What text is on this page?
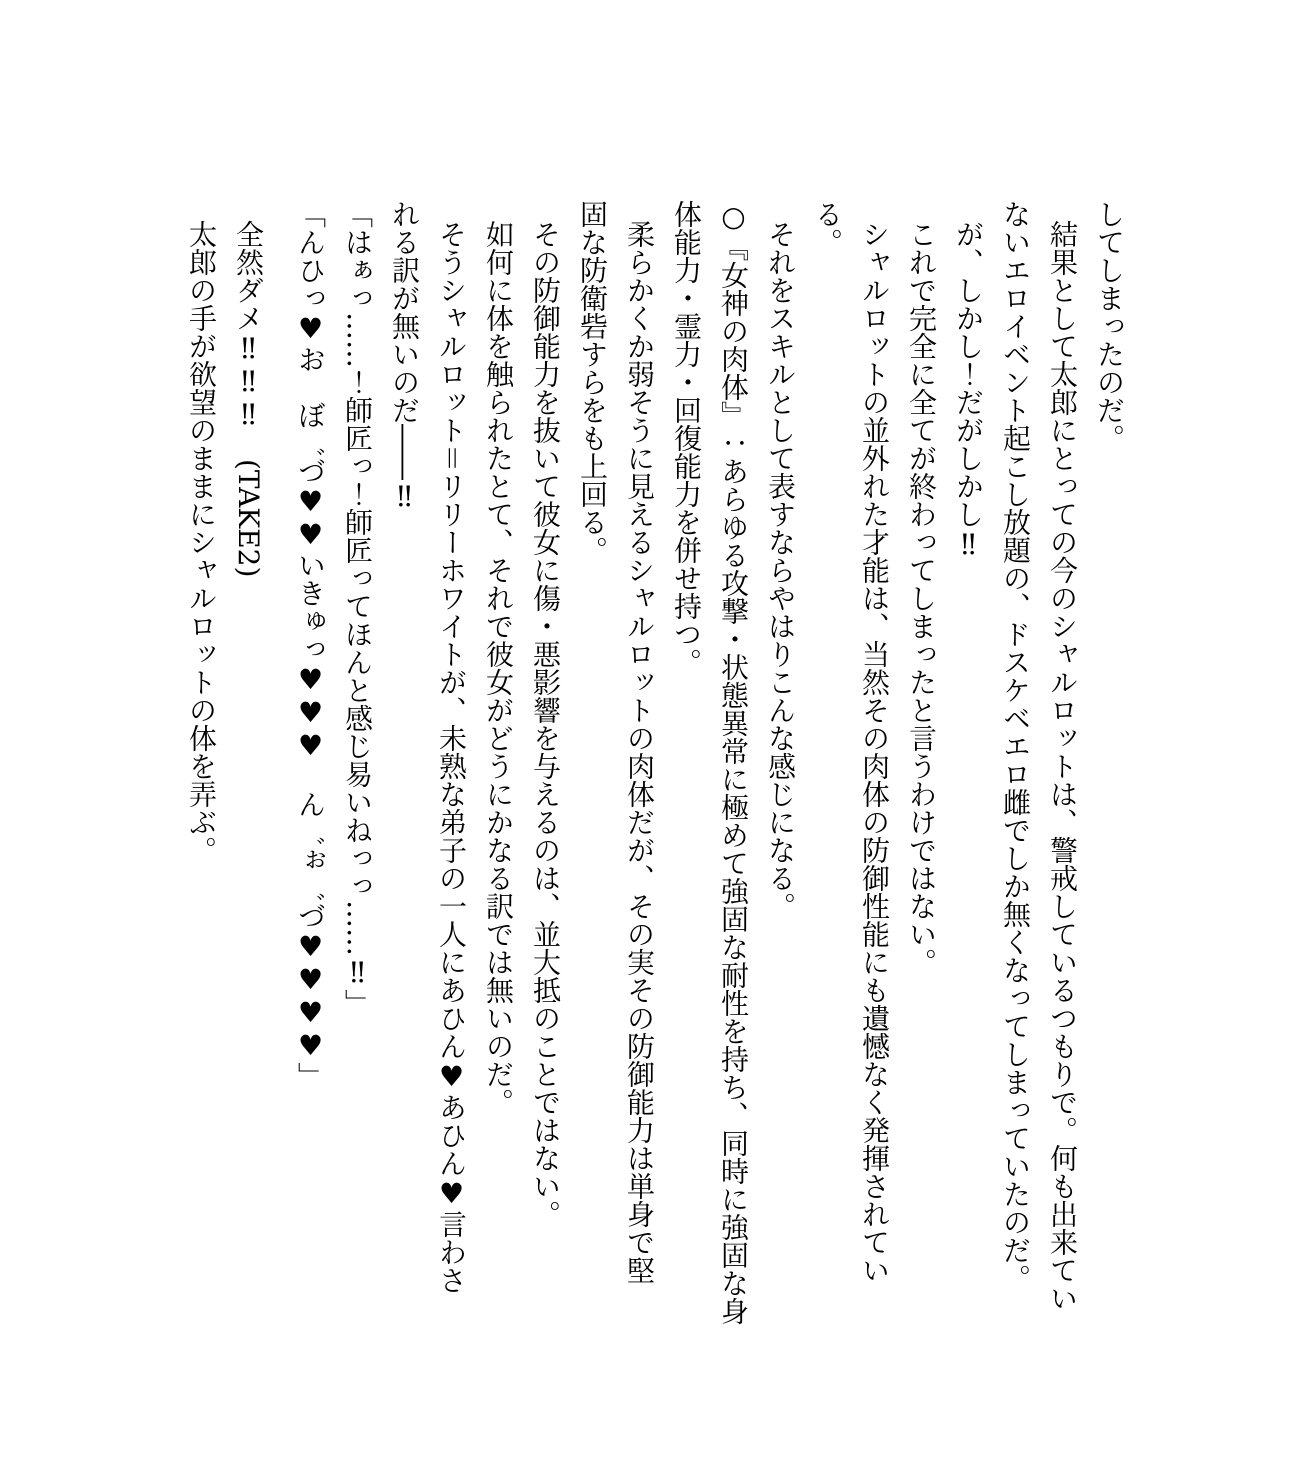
してしまったのだ。

結果として太郎にとっての今のシャルロットは、警戒しているつもりで。何も出来てい

ないエロイベント起こし放題の、ドスケベエロ雌でしか無くなってしまっていたのだ。

が、しかし！だがしかし‼

これで完全に全てが終わってしまったと言うわけではない。

シャルロットの並外れた才能は、当然その肉体の防御性能にも遺憾なく発揮されてい

る。

それをスキルとして表すならやはりこんな感じになる。

○『女神の肉体』：あらゆる攻撃・状態異常に極めて強固な耐性を持ち、同時に強固な身

体能力・霊力・回復能力を併せ持つ。

柔らかくか弱そうに見えるシャルロットの肉体だが、その実その防御能力は単身で堅

固な防衛砦すらをも上回る。

その防御能力を抜いて彼女に傷・悪影響を与えるのは、並大抵のことではない。

如何に体を触られたとて、それで彼女がどうにかなる訳では無いのだ。

そうシャルロット＝リリーホワイトが、未熟な弟子の一人にあひん♥あひん♥言わさ

れる訳が無いのだ――‼

「はぁっ……！師匠っ！師匠ってほんと感じ易いねっっ……‼」

「んひっ♥お　ぼ゛づ♥♥いきゅっ♥♥♥　ん゛ぉ゛づ♥♥♥♥」

全然ダメ‼‼‼　(TAKE2)

太郎の手が欲望のままにシャルロットの体を弄ぶ。
